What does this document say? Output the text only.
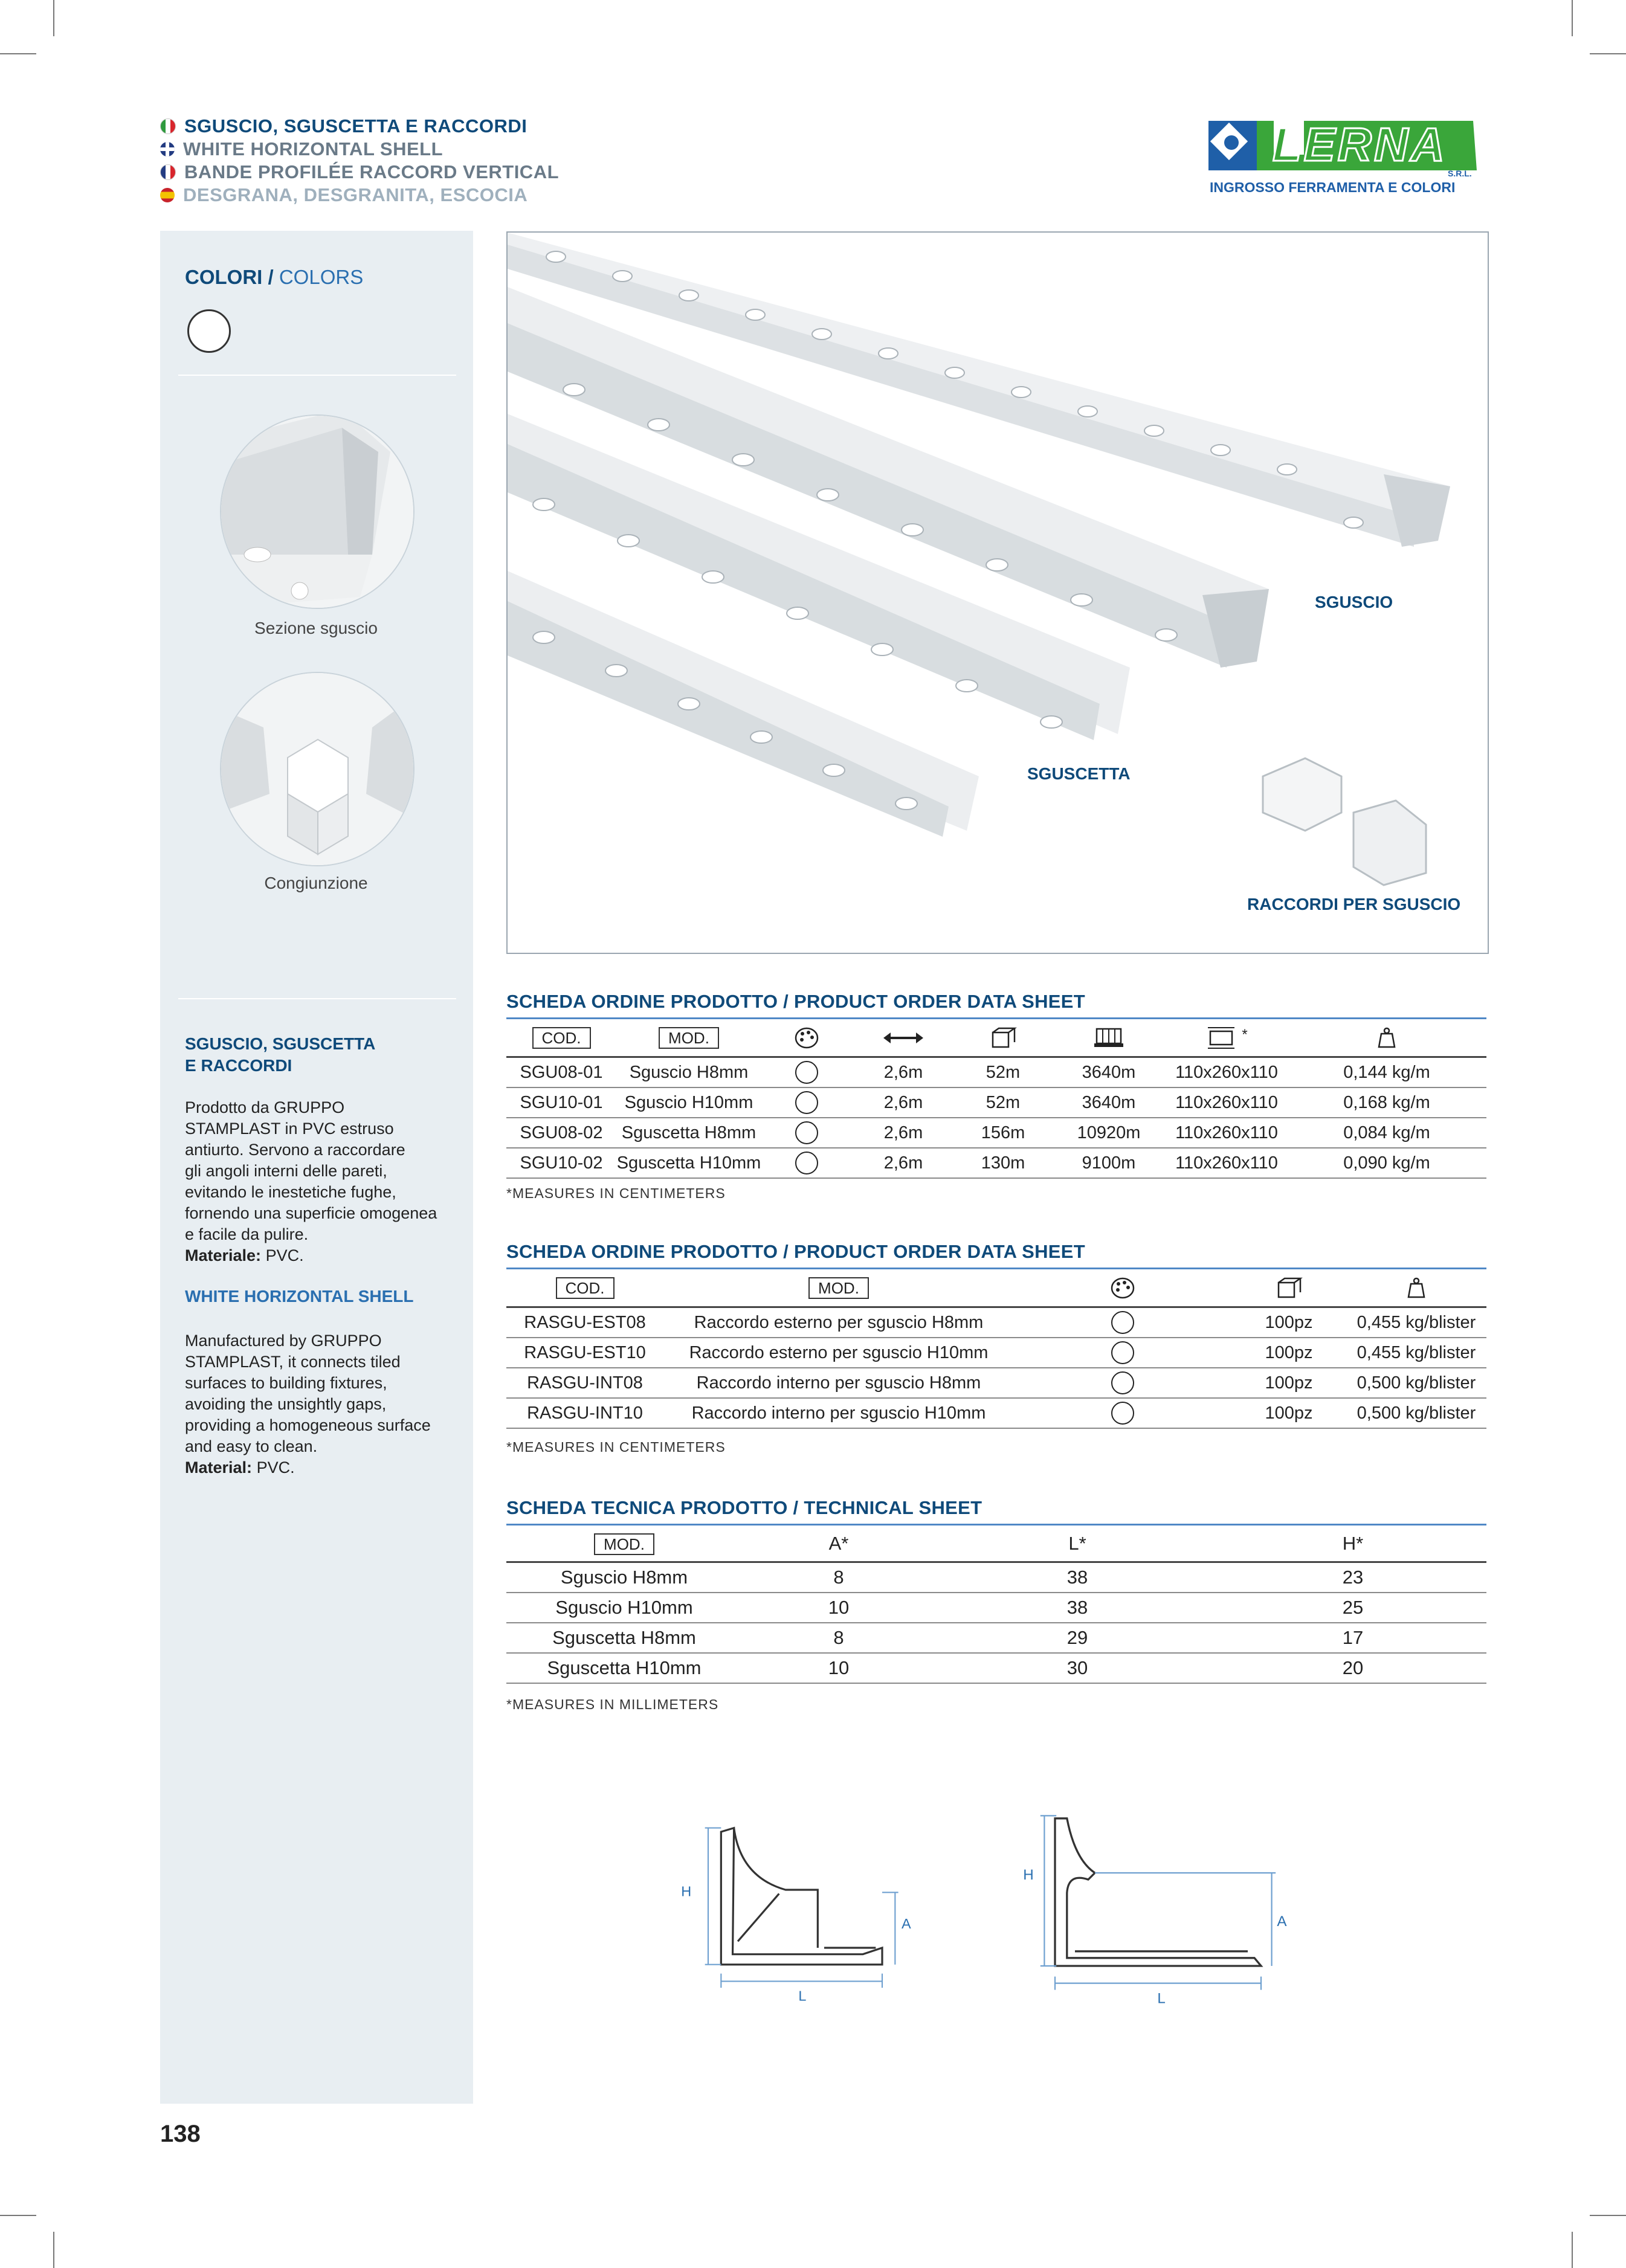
SGUSCIO, SGUSCETTA E RACCORDI
WHITE HORIZONTAL SHELL
BANDE PROFILÉE RACCORD VERTICAL
DESGRANA, DESGRANITA, ESCOCIA
LERNA
S.R.L.
INGROSSO FERRAMENTA E COLORI
COLORI / COLORS
Sezione sguscio
Congiunzione
SGUSCIO, SGUSCETTA
E RACCORDI
Prodotto da GRUPPO
STAMPLAST in PVC estruso
antiurto. Servono a raccordare
gli angoli interni delle pareti,
evitando le inestetiche fughe,
fornendo una superficie omogenea
e facile da pulire.
Materiale: PVC.
WHITE HORIZONTAL SHELL
Manufactured by GRUPPO
STAMPLAST, it connects tiled
surfaces to building fixtures,
avoiding the unsightly gaps,
providing a homogeneous surface
and easy to clean.
Material: PVC.
SGUSCIO
SGUSCETTA
RACCORDI PER SGUSCIO
SCHEDA ORDINE PRODOTTO / PRODUCT ORDER DATA SHEET
COD.	MOD.					*	
SGU08-01	Sguscio H8mm		2,6m	52m	3640m	110x260x110	0,144 kg/m
SGU10-01	Sguscio H10mm		2,6m	52m	3640m	110x260x110	0,168 kg/m
SGU08-02	Sguscetta H8mm		2,6m	156m	10920m	110x260x110	0,084 kg/m
SGU10-02	Sguscetta H10mm		2,6m	130m	9100m	110x260x110	0,090 kg/m
*MEASURES IN CENTIMETERS
SCHEDA ORDINE PRODOTTO / PRODUCT ORDER DATA SHEET
COD.	MOD.			
RASGU-EST08	Raccordo esterno per sguscio H8mm		100pz	0,455 kg/blister
RASGU-EST10	Raccordo esterno per sguscio H10mm		100pz	0,455 kg/blister
RASGU-INT08	Raccordo interno per sguscio H8mm		100pz	0,500 kg/blister
RASGU-INT10	Raccordo interno per sguscio H10mm		100pz	0,500 kg/blister
*MEASURES IN CENTIMETERS
SCHEDA TECNICA PRODOTTO / TECHNICAL SHEET
MOD.	A*	L*	H*
Sguscio H8mm	8	38	23
Sguscio H10mm	10	38	25
Sguscetta H8mm	8	29	17
Sguscetta H10mm	10	30	20
*MEASURES IN MILLIMETERS
H
A
L
H
A
L
138
